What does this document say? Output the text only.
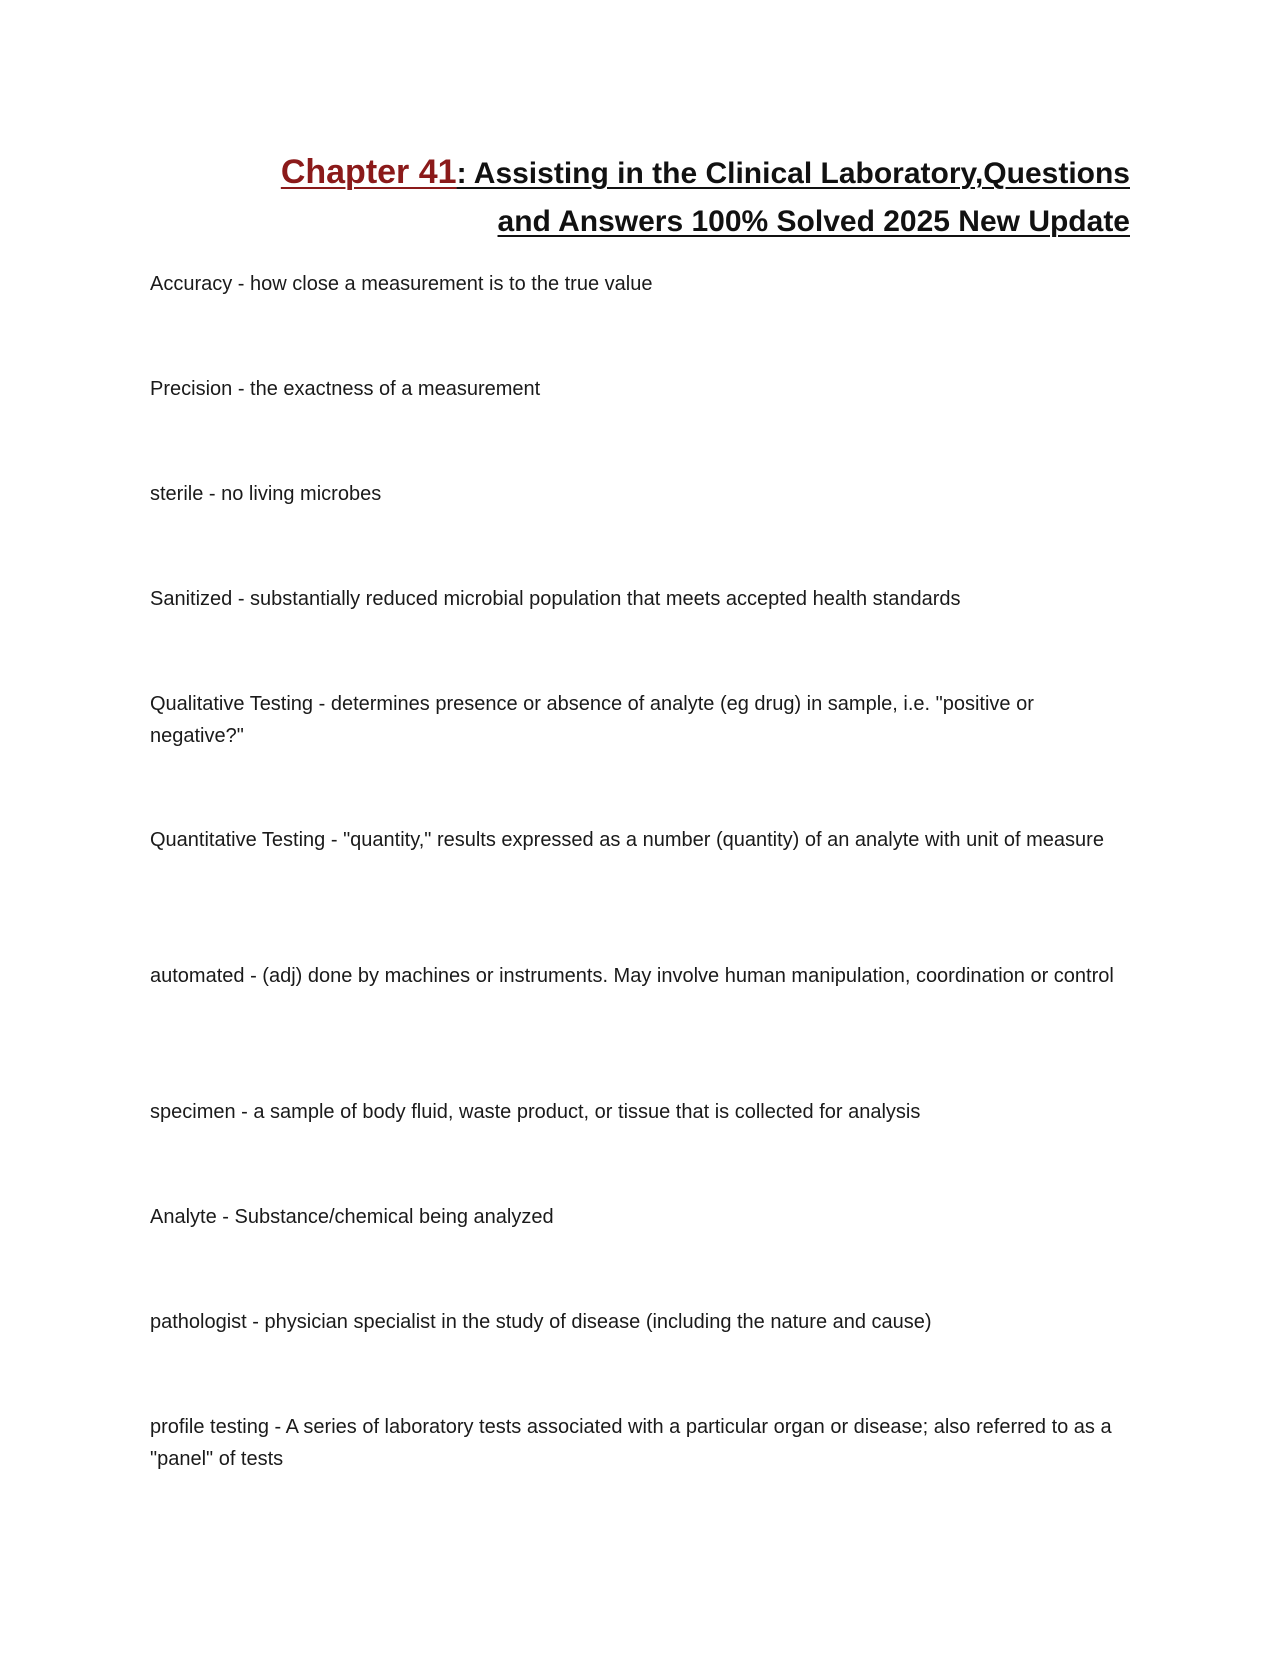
Chapter 41: Assisting in the Clinical Laboratory,Questions and Answers 100% Solved 2025 New Update
Accuracy - how close a measurement is to the true value
Precision - the exactness of a measurement
sterile - no living microbes
Sanitized - substantially reduced microbial population that meets accepted health standards
Qualitative Testing - determines presence or absence of analyte (eg drug) in sample, i.e. "positive or negative?"
Quantitative Testing - "quantity," results expressed as a number (quantity) of an analyte with unit of measure
automated - (adj) done by machines or instruments. May involve human manipulation, coordination or control
specimen - a sample of body fluid, waste product, or tissue that is collected for analysis
Analyte - Substance/chemical being analyzed
pathologist - physician specialist in the study of disease (including the nature and cause)
profile testing - A series of laboratory tests associated with a particular organ or disease; also referred to as a "panel" of tests
